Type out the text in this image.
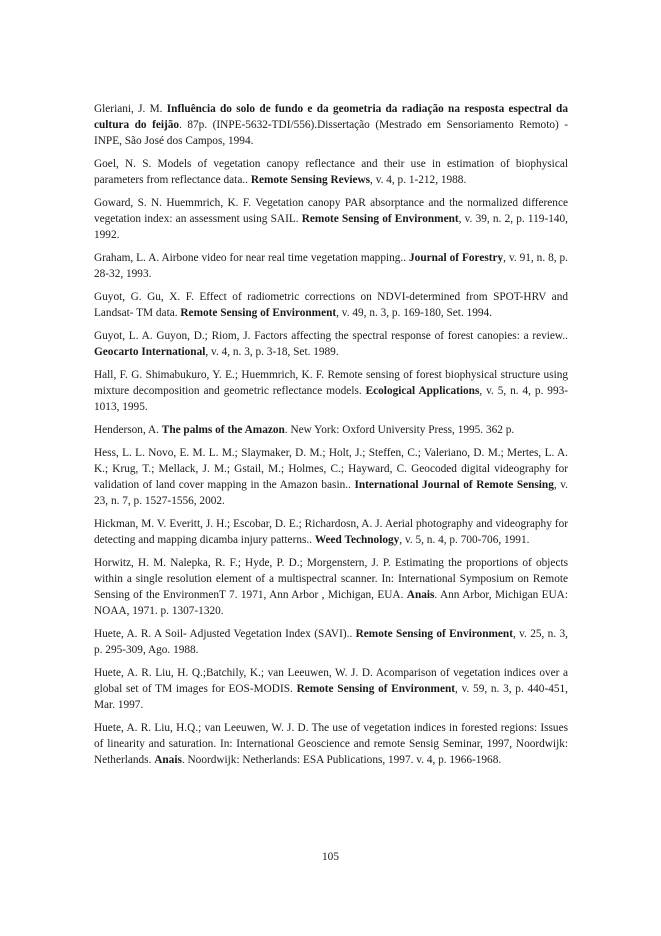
Gleriani, J. M. Influência do solo de fundo e da geometria da radiação na resposta espectral da cultura do feijão. 87p. (INPE-5632-TDI/556).Dissertação (Mestrado em Sensoriamento Remoto) - INPE, São José dos Campos, 1994.

Goel, N. S. Models of vegetation canopy reflectance and their use in estimation of biophysical parameters from reflectance data.. Remote Sensing Reviews, v. 4, p. 1-212, 1988.

Goward, S. N. Huemmrich, K. F. Vegetation canopy PAR absorptance and the normalized difference vegetation index: an assessment using SAIL. Remote Sensing of Environment, v. 39, n. 2, p. 119-140, 1992.

Graham, L. A. Airbone video for near real time vegetation mapping.. Journal of Forestry, v. 91, n. 8, p. 28-32, 1993.

Guyot, G. Gu, X. F. Effect of radiometric corrections on NDVI-determined from SPOT-HRV and Landsat- TM data. Remote Sensing of Environment, v. 49, n. 3, p. 169-180, Set. 1994.

Guyot, L. A. Guyon, D.; Riom, J. Factors affecting the spectral response of forest canopies: a review.. Geocarto International, v. 4, n. 3, p. 3-18, Set. 1989.

Hall, F. G. Shimabukuro, Y. E.; Huemmrich, K. F. Remote sensing of forest biophysical structure using mixture decomposition and geometric reflectance models. Ecological Applications, v. 5, n. 4, p. 993-1013, 1995.

Henderson, A. The palms of the Amazon. New York: Oxford University Press, 1995. 362 p.

Hess, L. L. Novo, E. M. L. M.; Slaymaker, D. M.; Holt, J.; Steffen, C.; Valeriano, D. M.; Mertes, L. A. K.; Krug, T.; Mellack, J. M.; Gstail, M.; Holmes, C.; Hayward, C. Geocoded digital videography for validation of land cover mapping in the Amazon basin.. International Journal of Remote Sensing, v. 23, n. 7, p. 1527-1556, 2002.

Hickman, M. V. Everitt, J. H.; Escobar, D. E.; Richardosn, A. J. Aerial photography and videography for detecting and mapping dicamba injury patterns.. Weed Technology, v. 5, n. 4, p. 700-706, 1991.

Horwitz, H. M. Nalepka, R. F.; Hyde, P. D.; Morgenstern, J. P. Estimating the proportions of objects within a single resolution element of a multispectral scanner. In: International Symposium on Remote Sensing of the EnvironmenT 7. 1971, Ann Arbor , Michigan, EUA. Anais. Ann Arbor, Michigan EUA: NOAA, 1971. p. 1307-1320.

Huete, A. R. A Soil- Adjusted Vegetation Index (SAVI).. Remote Sensing of Environment, v. 25, n. 3, p. 295-309, Ago. 1988.

Huete, A. R. Liu, H. Q.;Batchily, K.; van Leeuwen, W. J. D. Acomparison of vegetation indices over a global set of TM images for EOS-MODIS. Remote Sensing of Environment, v. 59, n. 3, p. 440-451, Mar. 1997.

Huete, A. R. Liu, H.Q.; van Leeuwen, W. J. D. The use of vegetation indices in forested regions: Issues of linearity and saturation. In: International Geoscience and remote Sensig Seminar, 1997, Noordwijk: Netherlands. Anais. Noordwijk: Netherlands: ESA Publications, 1997. v. 4, p. 1966-1968.

105
